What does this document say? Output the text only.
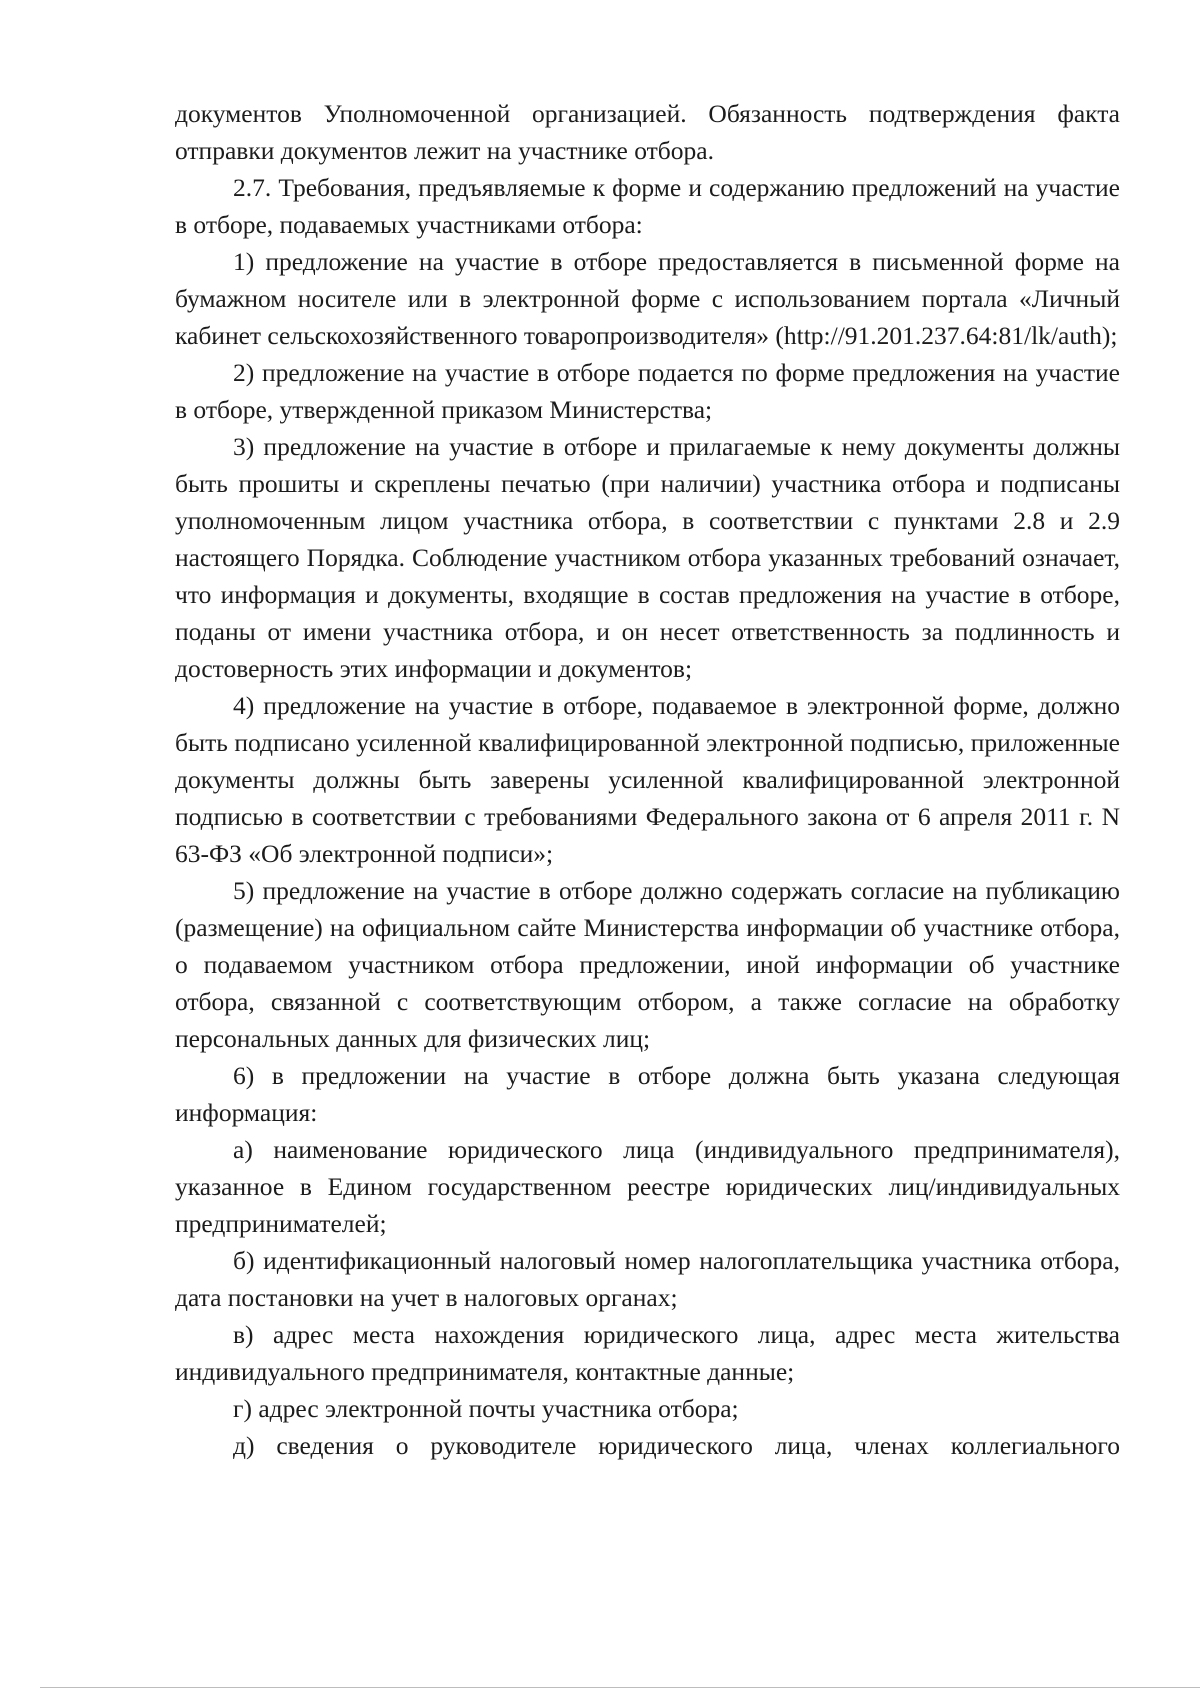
документов Уполномоченной организацией. Обязанность подтверждения факта отправки документов лежит на участнике отбора.

2.7. Требования, предъявляемые к форме и содержанию предложений на участие в отборе, подаваемых участниками отбора:

1) предложение на участие в отборе предоставляется в письменной форме на бумажном носителе или в электронной форме с использованием портала «Личный кабинет сельскохозяйственного товаропроизводителя» (http://91.201.237.64:81/lk/auth);

2) предложение на участие в отборе подается по форме предложения на участие в отборе, утвержденной приказом Министерства;

3) предложение на участие в отборе и прилагаемые к нему документы должны быть прошиты и скреплены печатью (при наличии) участника отбора и подписаны уполномоченным лицом участника отбора, в соответствии с пунктами 2.8 и 2.9 настоящего Порядка. Соблюдение участником отбора указанных требований означает, что информация и документы, входящие в состав предложения на участие в отборе, поданы от имени участника отбора, и он несет ответственность за подлинность и достоверность этих информации и документов;

4) предложение на участие в отборе, подаваемое в электронной форме, должно быть подписано усиленной квалифицированной электронной подписью, приложенные документы должны быть заверены усиленной квалифицированной электронной подписью в соответствии с требованиями Федерального закона от 6 апреля 2011 г. N 63-ФЗ «Об электронной подписи»;

5) предложение на участие в отборе должно содержать согласие на публикацию (размещение) на официальном сайте Министерства информации об участнике отбора, о подаваемом участником отбора предложении, иной информации об участнике отбора, связанной с соответствующим отбором, а также согласие на обработку персональных данных для физических лиц;

6) в предложении на участие в отборе должна быть указана следующая информация:

а) наименование юридического лица (индивидуального предпринимателя), указанное в Едином государственном реестре юридических лиц/индивидуальных предпринимателей;

б) идентификационный налоговый номер налогоплательщика участника отбора, дата постановки на учет в налоговых органах;

в) адрес места нахождения юридического лица, адрес места жительства индивидуального предпринимателя, контактные данные;

г) адрес электронной почты участника отбора;

д) сведения о руководителе юридического лица, членах коллегиального
